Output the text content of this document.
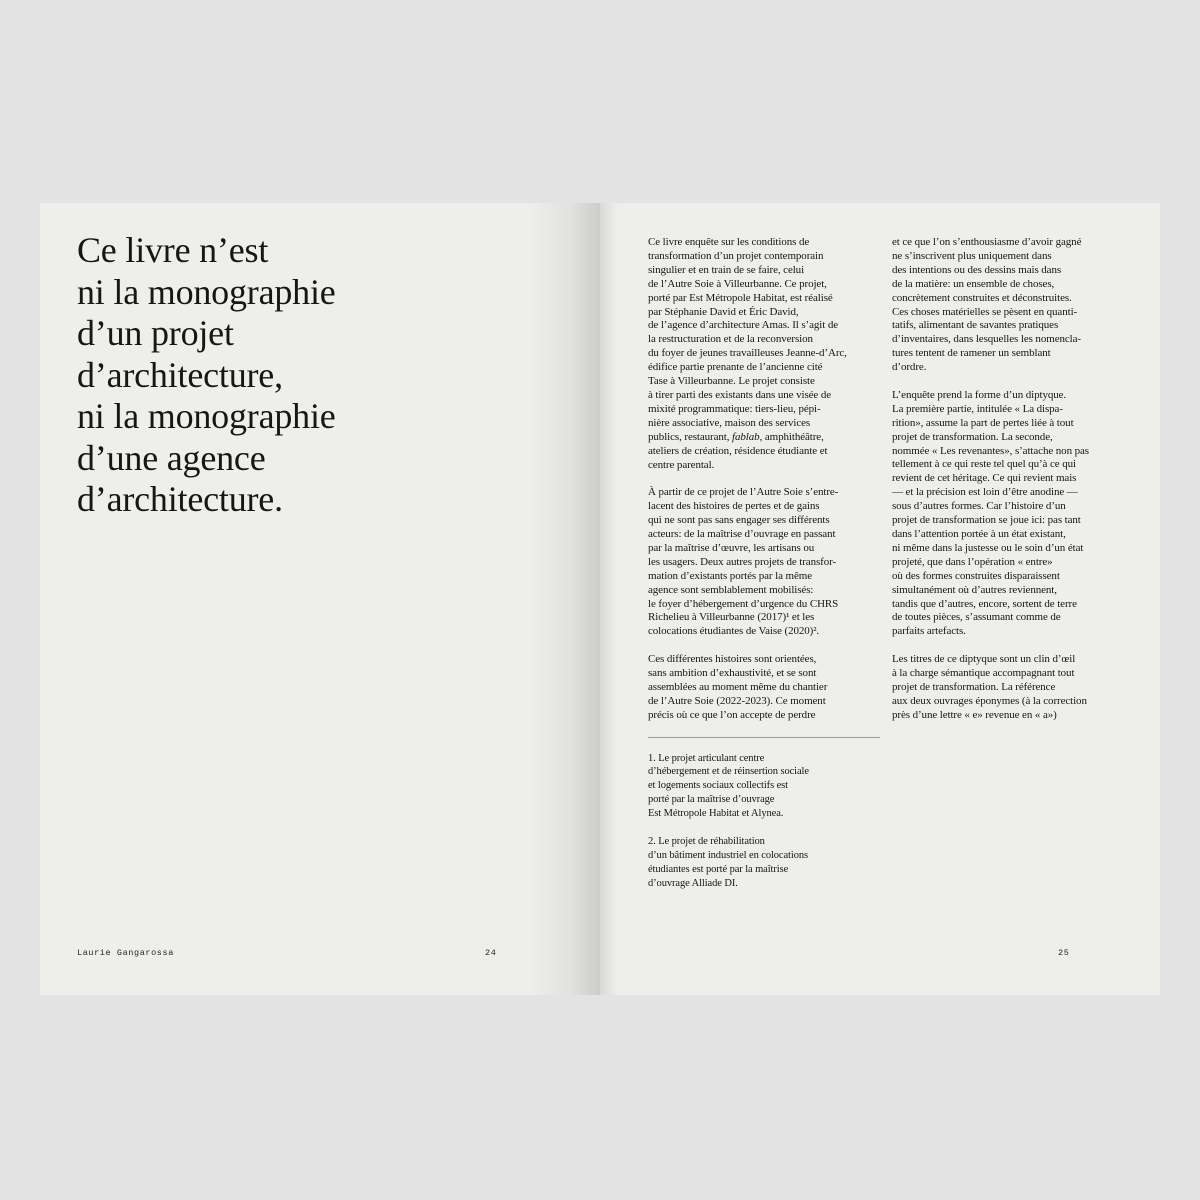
Ce livre n’est
ni la monographie
d’un projet
d’architecture,
ni la monographie
d’une agence
d’architecture.
Laurie Gangarossa	24
Ce livre enquête sur les conditions de
transformation d’un projet contemporain
singulier et en train de se faire, celui
de l’Autre Soie à Villeurbanne. Ce projet,
porté par Est Métropole Habitat, est réalisé
par Stéphanie David et Éric David,
de l’agence d’architecture Amas. Il s’agit de
la restructuration et de la reconversion
du foyer de jeunes travailleuses Jeanne-d’Arc,
édifice partie prenante de l’ancienne cité
Tase à Villeurbanne. Le projet consiste
à tirer parti des existants dans une visée de
mixité programmatique: tiers-lieu, pépi-
nière associative, maison des services
publics, restaurant, fablab, amphithéâtre,
ateliers de création, résidence étudiante et
centre parental.
À partir de ce projet de l’Autre Soie s’entre-
lacent des histoires de pertes et de gains
qui ne sont pas sans engager ses différents
acteurs: de la maîtrise d’ouvrage en passant
par la maîtrise d’œuvre, les artisans ou
les usagers. Deux autres projets de transfor-
mation d’existants portés par la même
agence sont semblablement mobilisés:
le foyer d’hébergement d’urgence du CHRS
Richelieu à Villeurbanne (2017)¹ et les
colocations étudiantes de Vaise (2020)².
Ces différentes histoires sont orientées,
sans ambition d’exhaustivité, et se sont
assemblées au moment même du chantier
de l’Autre Soie (2022-2023). Ce moment
précis où ce que l’on accepte de perdre
1. Le projet articulant centre
d’hébergement et de réinsertion sociale
et logements sociaux collectifs est
porté par la maîtrise d’ouvrage
Est Métropole Habitat et Alynea.
2. Le projet de réhabilitation
d’un bâtiment industriel en colocations
étudiantes est porté par la maîtrise
d’ouvrage Alliade DI.
et ce que l’on s’enthousiasme d’avoir gagné
ne s’inscrivent plus uniquement dans
des intentions ou des dessins mais dans
de la matière: un ensemble de choses,
concrètement construites et déconstruites.
Ces choses matérielles se pèsent en quanti-
tatifs, alimentant de savantes pratiques
d’inventaires, dans lesquelles les nomencla-
tures tentent de ramener un semblant
d’ordre.
L’enquête prend la forme d’un diptyque.
La première partie, intitulée « La dispa-
rition», assume la part de pertes liée à tout
projet de transformation. La seconde,
nommée « Les revenantes», s’attache non pas
tellement à ce qui reste tel quel qu’à ce qui
revient de cet héritage. Ce qui revient mais
— et la précision est loin d’être anodine —
sous d’autres formes. Car l’histoire d’un
projet de transformation se joue ici: pas tant
dans l’attention portée à un état existant,
ni même dans la justesse ou le soin d’un état
projeté, que dans l’opération « entre»
où des formes construites disparaissent
simultanément où d’autres reviennent,
tandis que d’autres, encore, sortent de terre
de toutes pièces, s’assumant comme de
parfaits artefacts.
Les titres de ce diptyque sont un clin d’œil
à la charge sémantique accompagnant tout
projet de transformation. La référence
aux deux ouvrages éponymes (à la correction
près d’une lettre « e» revenue en « a»)
25
